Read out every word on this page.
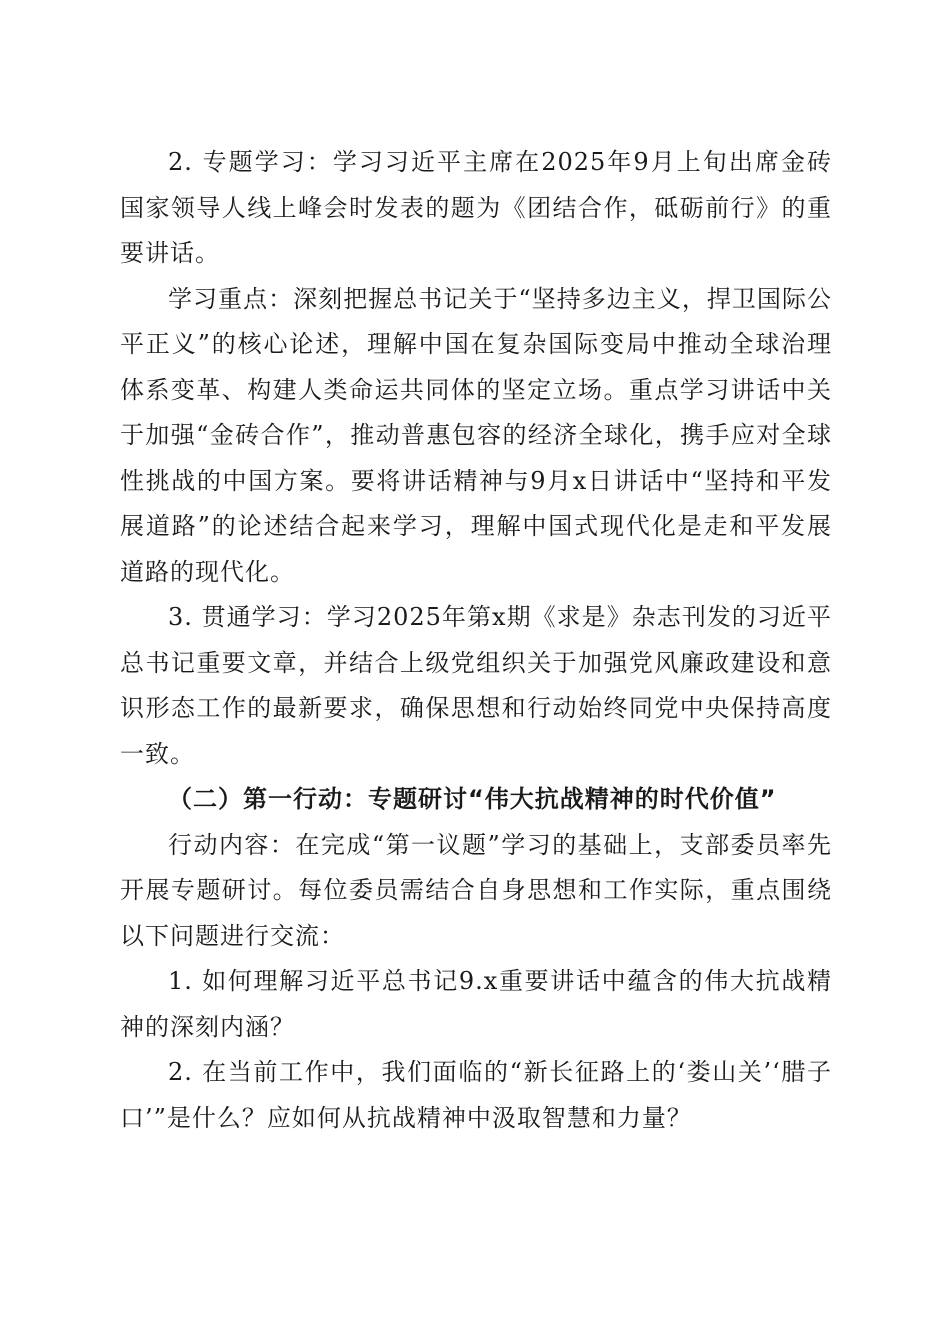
2. 专题学习：学习习近平主席在2025年9月上旬出席金砖国家领导人线上峰会时发表的题为《团结合作，砥砺前行》的重要讲话。

学习重点：深刻把握总书记关于“坚持多边主义，捍卫国际公平正义”的核心论述，理解中国在复杂国际变局中推动全球治理体系变革、构建人类命运共同体的坚定立场。重点学习讲话中关于加强“金砖合作”，推动普惠包容的经济全球化，携手应对全球性挑战的中国方案。要将讲话精神与9月x日讲话中“坚持和平发展道路”的论述结合起来学习，理解中国式现代化是走和平发展道路的现代化。

3. 贯通学习：学习2025年第x期《求是》杂志刊发的习近平总书记重要文章，并结合上级党组织关于加强党风廉政建设和意识形态工作的最新要求，确保思想和行动始终同党中央保持高度一致。

（二）第一行动：专题研讨“伟大抗战精神的时代价值”

行动内容：在完成“第一议题”学习的基础上，支部委员率先开展专题研讨。每位委员需结合自身思想和工作实际，重点围绕以下问题进行交流：

1. 如何理解习近平总书记9.x重要讲话中蕴含的伟大抗战精神的深刻内涵？

2. 在当前工作中，我们面临的“新长征路上的‘娄山关’‘腊子口’”是什么？应如何从抗战精神中汲取智慧和力量？
